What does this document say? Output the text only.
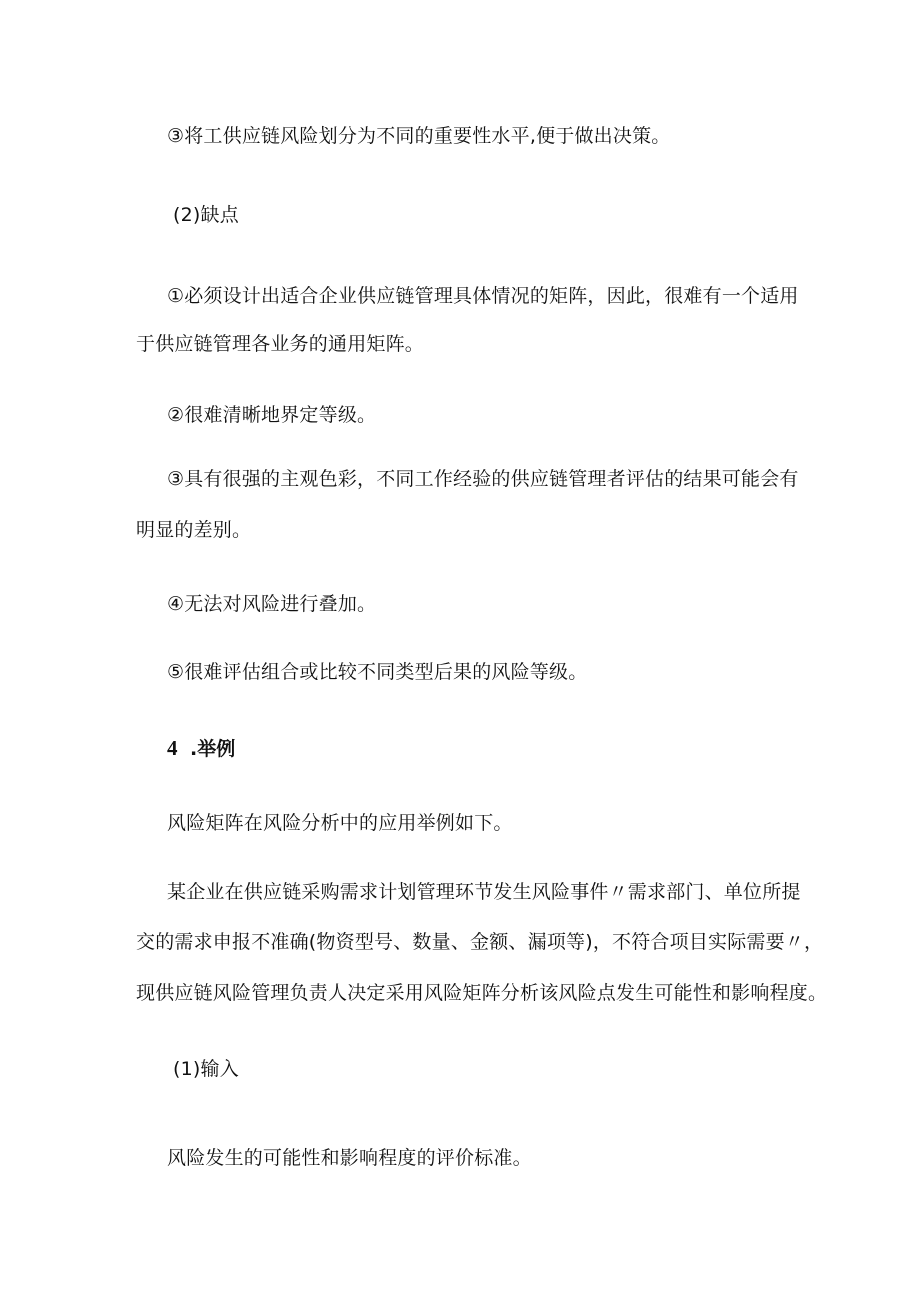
③将工供应链风险划分为不同的重要性水平,便于做出决策。
(2)缺点
①必须设计出适合企业供应链管理具体情况的矩阵，因此，很难有一个适用
于供应链管理各业务的通用矩阵。
②很难清晰地界定等级。
③具有很强的主观色彩，不同工作经验的供应链管理者评估的结果可能会有
明显的差别。
④无法对风险进行叠加。
⑤很难评估组合或比较不同类型后果的风险等级。
4 .举例
风险矩阵在风险分析中的应用举例如下。
某企业在供应链采购需求计划管理环节发生风险事件〃需求部门、单位所提
交的需求申报不准确(物资型号、数量、金额、漏项等)，不符合项目实际需要〃，
现供应链风险管理负责人决定采用风险矩阵分析该风险点发生可能性和影响程度。
(1)输入
风险发生的可能性和影响程度的评价标准。
